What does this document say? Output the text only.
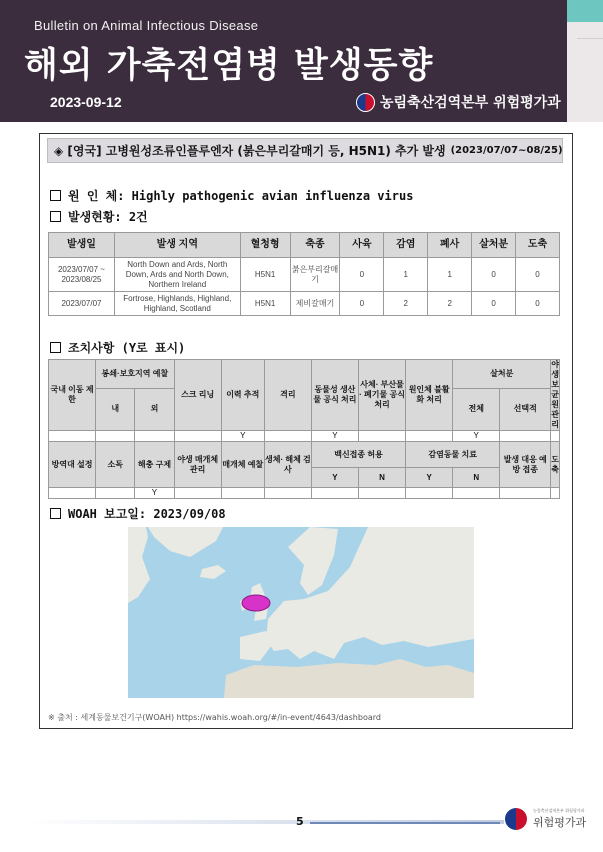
Bulletin on Animal Infectious Disease
해외 가축전염병 발생동향
2023-09-12	농림축산검역본부 위험평가과
◈ [영국] 고병원성조류인플루엔자 (붉은부리갈매기 등, H5N1) 추가 발생 (2023/07/07~08/25)
원 인 체: Highly pathogenic avian influenza virus
발생현황: 2건
발생일	발생 지역	혈청형	축종	사육	감염	폐사	살처분	도축
2023/07/07 ~ 2023/08/25	North Down and Ards, North Down, Ards and North Down, Northern Ireland	H5N1	붉은부리갈매기	0	1	1	0	0
2023/07/07	Fortrose, Highlands, Highland, Highland, Scotland	H5N1	제비갈매기	0	2	2	0	0
조치사항 (Y로 표시)
국내 이동 제한	봉쇄·보호지역 예찰		스크 리닝	이력 추적	격리	동물성 생산물 공식 처리	사체· 부산물· 폐기물 공식 처리	원인체 불활화 처리	살처분		야생 보균원 관리
	내	외							전체	선택적	
				Y		Y			Y		
방역대 설정	소독	해충 구제	야생 매개체 관리	매개체 예찰	생체· 해체 검사	백신접종 허용		감염동물 치료		발생 대응 예방 접종	도축
						Y	N	Y	N		
		Y									
WOAH 보고일: 2023/09/08
※ 출처 : 세계동물보건기구(WOAH) https://wahis.woah.org/#/in-event/4643/dashboard
5
농림축산검역본부 위험평가과
위험평가과
